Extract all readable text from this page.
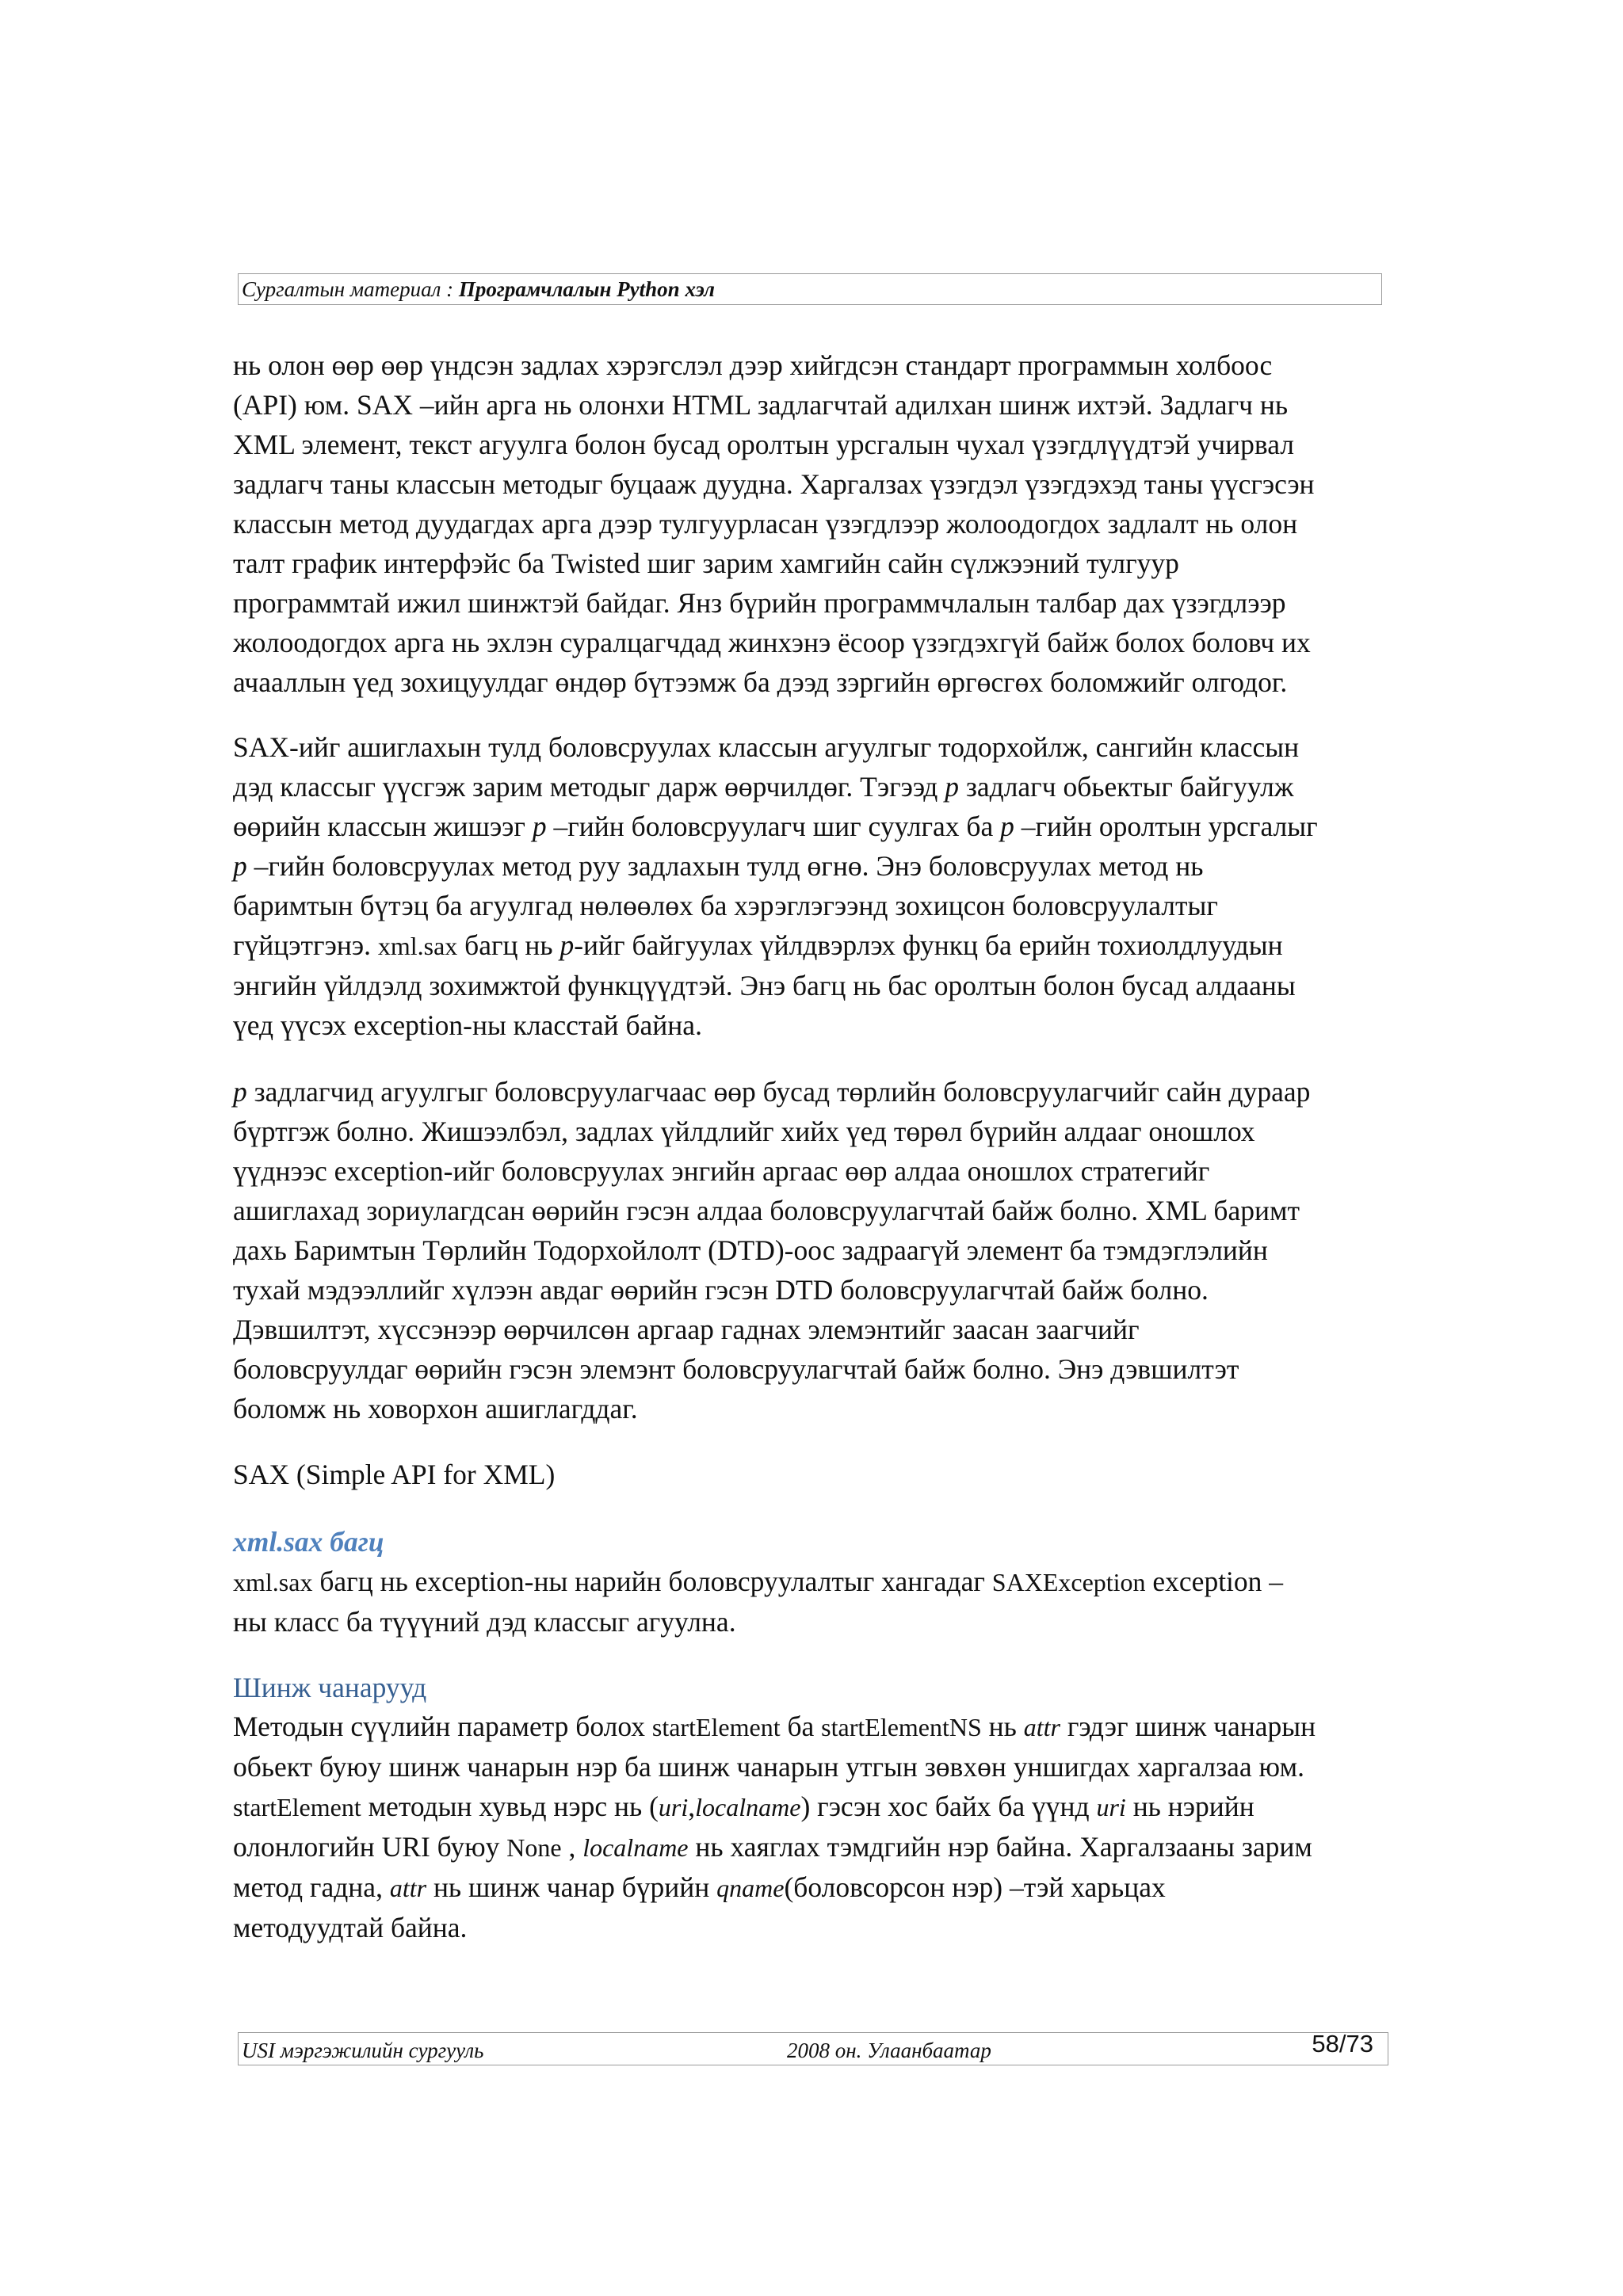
Сургалтын материал : Програмчлалын Python хэл

нь олон өөр өөр үндсэн задлах хэрэгслэл дээр хийгдсэн стандарт программын холбоос
(API) юм. SAX –ийн арга нь олонхи HTML задлагчтай адилхан шинж ихтэй. Задлагч нь
XML элемент, текст агуулга болон бусад оролтын урсгалын чухал үзэгдлүүдтэй учирвал
задлагч таны классын методыг буцааж дуудна. Харгалзах үзэгдэл үзэгдэхэд таны үүсгэсэн
классын метод дуудагдах арга дээр тулгуурласан үзэгдлээр жолоодогдох задлалт нь олон
талт график интерфэйс ба Twisted шиг зарим хамгийн сайн сүлжээний тулгуур
программтай ижил шинжтэй байдаг. Янз бүрийн программчлалын талбар дах үзэгдлээр
жолоодогдох арга нь эхлэн суралцагчдад жинхэнэ ёсоор үзэгдэхгүй байж болох боловч их
ачааллын үед зохицуулдаг өндөр бүтээмж ба дээд зэргийн өргөсгөх боломжийг олгодог.

SAX-ийг ашиглахын тулд боловсруулах классын агуулгыг тодорхойлж, сангийн классын
дэд классыг үүсгэж зарим методыг дарж өөрчилдөг. Тэгээд p задлагч обьектыг байгуулж
өөрийн классын жишээг p –гийн боловсруулагч шиг суулгах ба p –гийн оролтын урсгалыг
p –гийн боловсруулах метод руу задлахын тулд өгнө. Энэ боловсруулах метод нь
баримтын бүтэц ба агуулгад нөлөөлөх ба хэрэглэгээнд зохицсон боловсруулалтыг
гүйцэтгэнэ. xml.sax багц нь p-ийг байгуулах үйлдвэрлэх функц ба ерийн тохиолдлуудын
энгийн үйлдэлд зохимжтой функцүүдтэй. Энэ багц нь бас оролтын болон бусад алдааны
үед үүсэх exception-ны класстай байна.

p задлагчид агуулгыг боловсруулагчаас өөр бусад төрлийн боловсруулагчийг сайн дураар
бүртгэж болно. Жишээлбэл, задлах үйлдлийг хийх үед төрөл бүрийн алдааг оношлох
үүднээс exception-ийг боловсруулах энгийн аргаас өөр алдаа оношлох стратегийг
ашиглахад зориулагдсан өөрийн гэсэн алдаа боловсруулагчтай байж болно. XML баримт
дахь Баримтын Төрлийн Тодорхойлолт (DTD)-оос задраагүй элемент ба тэмдэглэлийн
тухай мэдээллийг хүлээн авдаг өөрийн гэсэн DTD боловсруулагчтай байж болно.
Дэвшилтэт, хүссэнээр өөрчилсөн аргаар гаднах элемэнтийг заасан заагчийг
боловсруулдаг өөрийн гэсэн элемэнт боловсруулагчтай байж болно. Энэ дэвшилтэт
боломж нь ховорхон ашиглагддаг.

SAX (Simple API for XML)
xml.sax багц

xml.sax багц нь exception-ны нарийн боловсруулалтыг хангадаг SAXException exception –
ны класс ба түүүний дэд классыг агуулна.

Шинж чанарууд

Методын сүүлийн параметр болох startElement ба startElementNS нь attr гэдэг шинж чанарын
обьект буюу шинж чанарын нэр ба шинж чанарын утгын зөвхөн уншигдах харгалзаа юм.
startElement методын хувьд нэрс нь (uri,localname) гэсэн хос байх ба үүнд uri нь нэрийн
олонлогийн URI буюу None , localname нь хаяглах тэмдгийн нэр байна. Харгалзааны зарим
метод гадна, attr нь шинж чанар бүрийн qname(боловсорсон нэр) –тэй харьцах
методуудтай байна.

USI мэргэжилийн сургууль	2008 он. Улаанбаатар	58/73
